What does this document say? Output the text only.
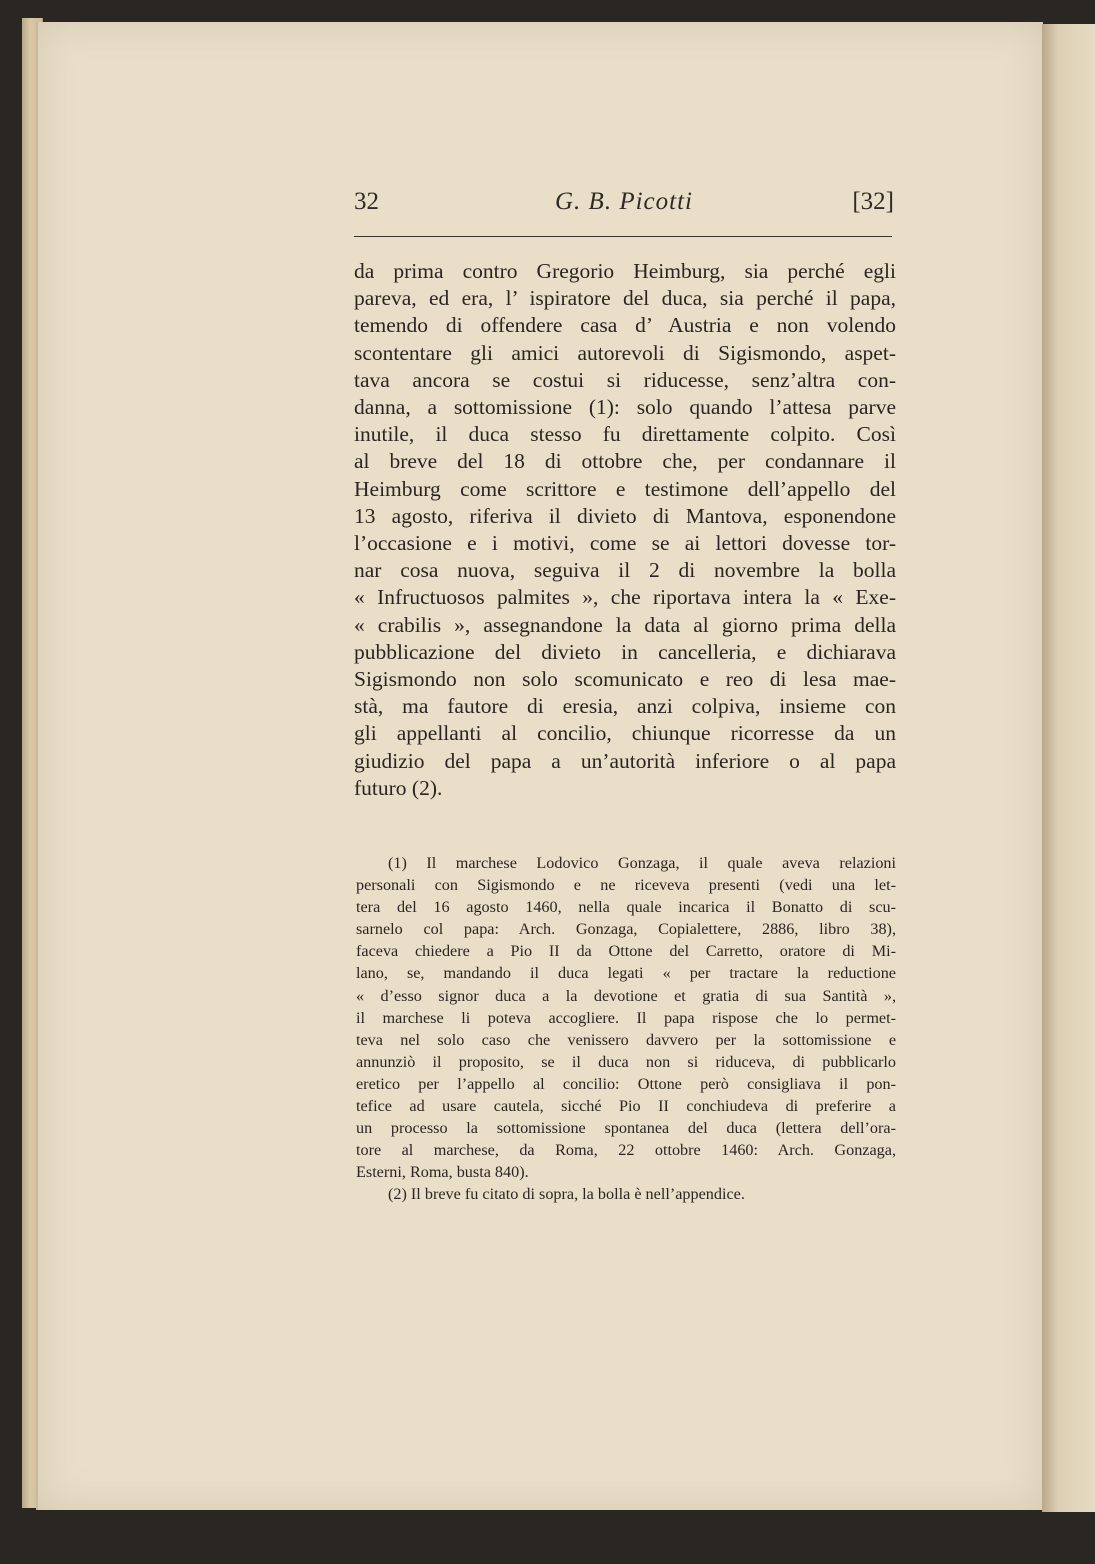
32	G. B. Picotti	[32]
da prima contro Gregorio Heimburg, sia perché egli
pareva, ed era, l’ ispiratore del duca, sia perché il papa,
temendo di offendere casa d’ Austria e non volendo
scontentare gli amici autorevoli di Sigismondo, aspet-
tava ancora se costui si riducesse, senz’altra con-
danna, a sottomissione (1): solo quando l’attesa parve
inutile, il duca stesso fu direttamente colpito. Così
al breve del 18 di ottobre che, per condannare il
Heimburg come scrittore e testimone dell’appello del
13 agosto, riferiva il divieto di Mantova, esponendone
l’occasione e i motivi, come se ai lettori dovesse tor-
nar cosa nuova, seguiva il 2 di novembre la bolla
« Infructuosos palmites », che riportava intera la « Exe-
« crabilis », assegnandone la data al giorno prima della
pubblicazione del divieto in cancelleria, e dichiarava
Sigismondo non solo scomunicato e reo di lesa mae-
stà, ma fautore di eresia, anzi colpiva, insieme con
gli appellanti al concilio, chiunque ricorresse da un
giudizio del papa a un’autorità inferiore o al papa
futuro (2).
(1) Il marchese Lodovico Gonzaga, il quale aveva relazioni
personali con Sigismondo e ne riceveva presenti (vedi una let-
tera del 16 agosto 1460, nella quale incarica il Bonatto di scu-
sarnelo col papa: Arch. Gonzaga, Copialettere, 2886, libro 38),
faceva chiedere a Pio II da Ottone del Carretto, oratore di Mi-
lano, se, mandando il duca legati « per tractare la reductione
« d’esso signor duca a la devotione et gratia di sua Santità »,
il marchese li poteva accogliere. Il papa rispose che lo permet-
teva nel solo caso che venissero davvero per la sottomissione e
annunziò il proposito, se il duca non si riduceva, di pubblicarlo
eretico per l’appello al concilio: Ottone però consigliava il pon-
tefice ad usare cautela, sicché Pio II conchiudeva di preferire a
un processo la sottomissione spontanea del duca (lettera dell’ora-
tore al marchese, da Roma, 22 ottobre 1460: Arch. Gonzaga,
Esterni, Roma, busta 840).
(2) Il breve fu citato di sopra, la bolla è nell’appendice.
